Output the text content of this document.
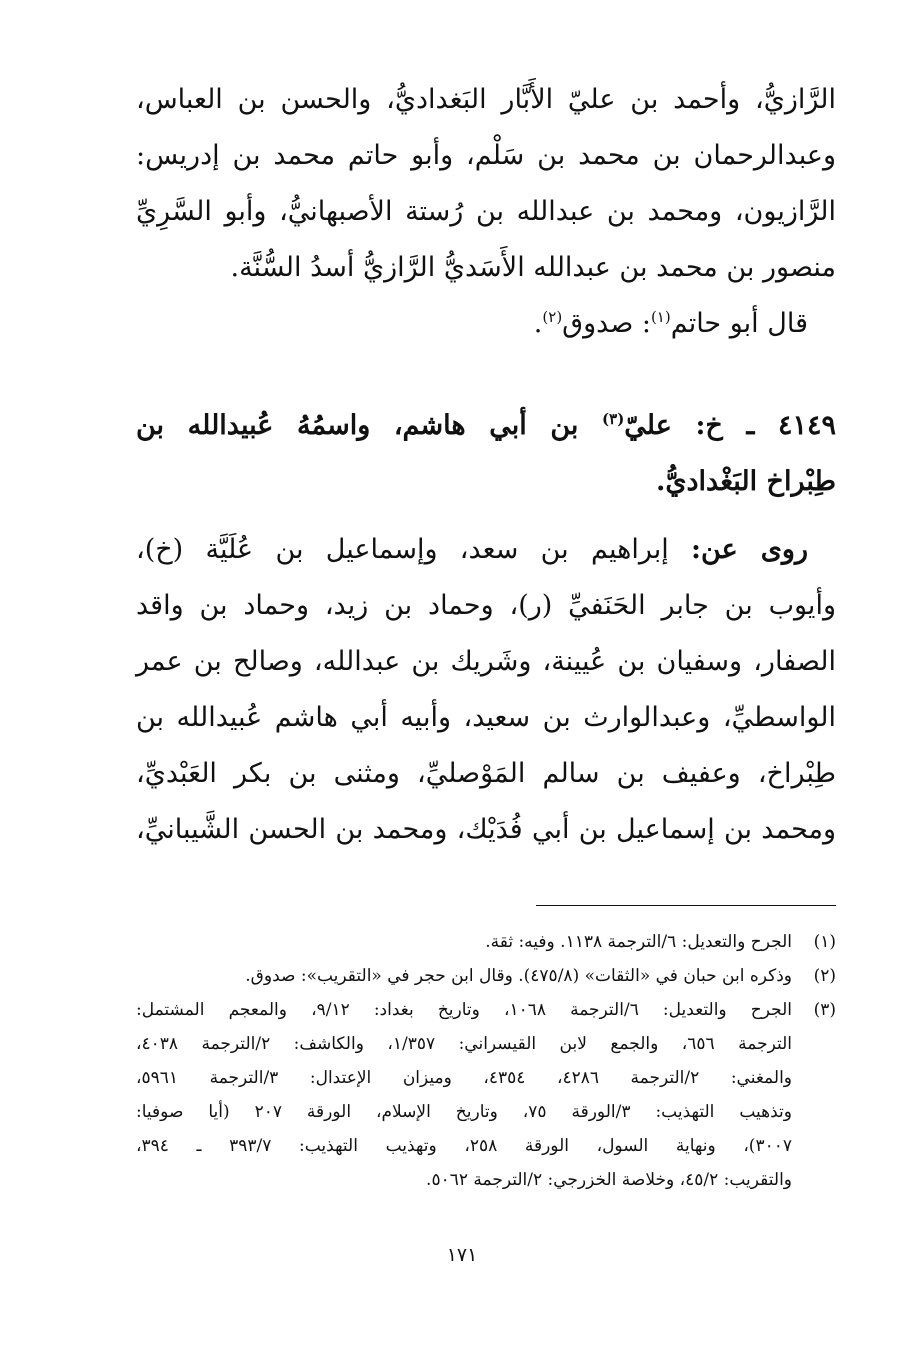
الرَّازيُّ، وأحمد بن عليّ الأَبَّار البَغداديُّ، والحسن بن العباس،
وعبدالرحمان بن محمد بن سَلْم، وأبو حاتم محمد بن إدريس:
الرَّازيون، ومحمد بن عبدالله بن رُستة الأصبهانيُّ، وأبو السَّرِيِّ
منصور بن محمد بن عبدالله الأَسَديُّ الرَّازيُّ أسدُ السُّنَّة.
قال أبو حاتم$^{(١)}$: صدوق$^{(٢)}$.
٤١٤٩ ـ خ: عليّ$^{(٣)}$ بن أبي هاشم، واسمُهُ عُبيدالله بن
طِبْراخ البَغْداديُّ.
روى عن: إبراهيم بن سعد، وإسماعيل بن عُلَيَّة (خ)،
وأيوب بن جابر الحَنَفيِّ (ر)، وحماد بن زيد، وحماد بن واقد
الصفار، وسفيان بن عُيينة، وشَريك بن عبدالله، وصالح بن عمر
الواسطيِّ، وعبدالوارث بن سعيد، وأبيه أبي هاشم عُبيدالله بن
طِبْراخ، وعفيف بن سالم المَوْصليِّ، ومثنى بن بكر العَبْديِّ،
ومحمد بن إسماعيل بن أبي فُدَيْك، ومحمد بن الحسن الشَّيبانيِّ،
(١)
الجرح والتعديل: ٦/الترجمة ١١٣٨. وفيه: ثقة.
(٢)
وذكره ابن حبان في «الثقات» (٤٧٥/٨). وقال ابن حجر في «التقريب»: صدوق.
(٣)
الجرح والتعديل: ٦/الترجمة ١٠٦٨، وتاريخ بغداد: ٩/١٢، والمعجم المشتمل:
الترجمة ٦٥٦، والجمع لابن القيسراني: ١/٣٥٧، والكاشف: ٢/الترجمة ٤٠٣٨،
والمغني: ٢/الترجمة ٤٢٨٦، ٤٣٥٤، وميزان الإعتدال: ٣/الترجمة ٥٩٦١،
وتذهيب التهذيب: ٣/الورقة ٧٥، وتاريخ الإسلام، الورقة ٢٠٧ (أيا صوفيا:
٣٠٠٧)، ونهاية السول، الورقة ٢٥٨، وتهذيب التهذيب: ٣٩٣/٧ ـ ٣٩٤،
والتقريب: ٤٥/٢، وخلاصة الخزرجي: ٢/الترجمة ٥٠٦٢.
١٧١
